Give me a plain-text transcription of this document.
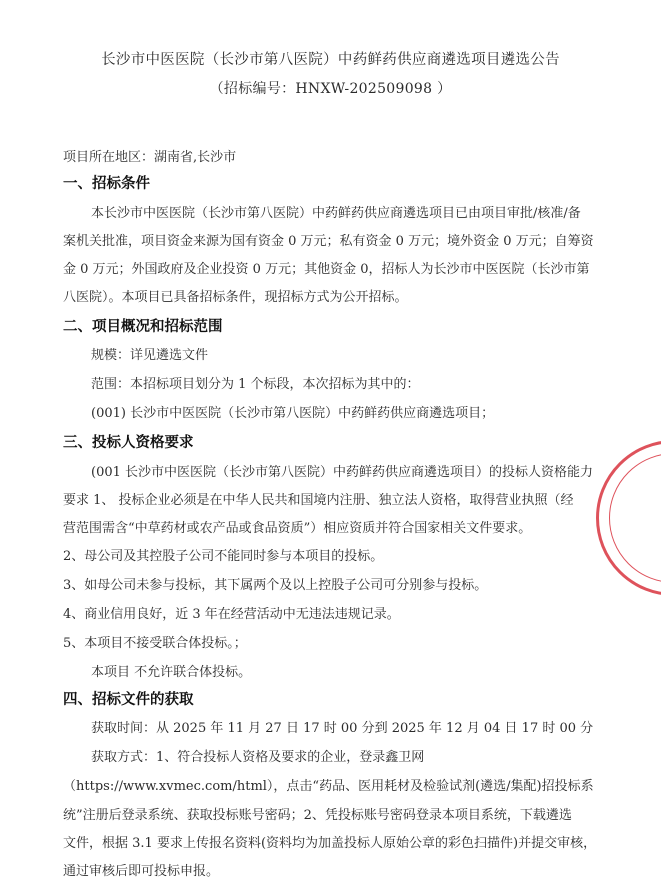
长沙市中医医院（长沙市第八医院）中药鲜药供应商遴选项目遴选公告
（招标编号：HNXW-202509098 ）
项目所在地区：湖南省,长沙市
一、招标条件
本长沙市中医医院（长沙市第八医院）中药鲜药供应商遴选项目已由项目审批/核准/备
案机关批准，项目资金来源为国有资金 0 万元；私有资金 0 万元；境外资金 0 万元；自筹资
金 0 万元；外国政府及企业投资 0 万元；其他资金 0，招标人为长沙市中医医院（长沙市第
八医院）。本项目已具备招标条件，现招标方式为公开招标。
二、项目概况和招标范围
规模：详见遴选文件
范围：本招标项目划分为 1 个标段，本次招标为其中的：
(001) 长沙市中医医院（长沙市第八医院）中药鲜药供应商遴选项目；
三、投标人资格要求
(001 长沙市中医医院（长沙市第八医院）中药鲜药供应商遴选项目）的投标人资格能力
要求 1、 投标企业必须是在中华人民共和国境内注册、独立法人资格，取得营业执照（经
营范围需含“中草药材或农产品或食品资质”）相应资质并符合国家相关文件要求。
2、母公司及其控股子公司不能同时参与本项目的投标。
3、如母公司未参与投标，其下属两个及以上控股子公司可分别参与投标。
4、商业信用良好，近 3 年在经营活动中无违法违规记录。
5、本项目不接受联合体投标。；
本项目 不允许联合体投标。
四、招标文件的获取
获取时间：从 2025 年 11 月 27 日 17 时 00 分到 2025 年 12 月 04 日 17 时 00 分
获取方式：1、符合投标人资格及要求的企业，登录鑫卫网
（https://www.xvmec.com/html），点击“药品、医用耗材及检验试剂(遴选/集配)招投标系
统”注册后登录系统、获取投标账号密码；2、凭投标账号密码登录本项目系统，下载遴选
文件，根据 3.1 要求上传报名资料(资料均为加盖投标人原始公章的彩色扫描件)并提交审核，
通过审核后即可投标申报。
